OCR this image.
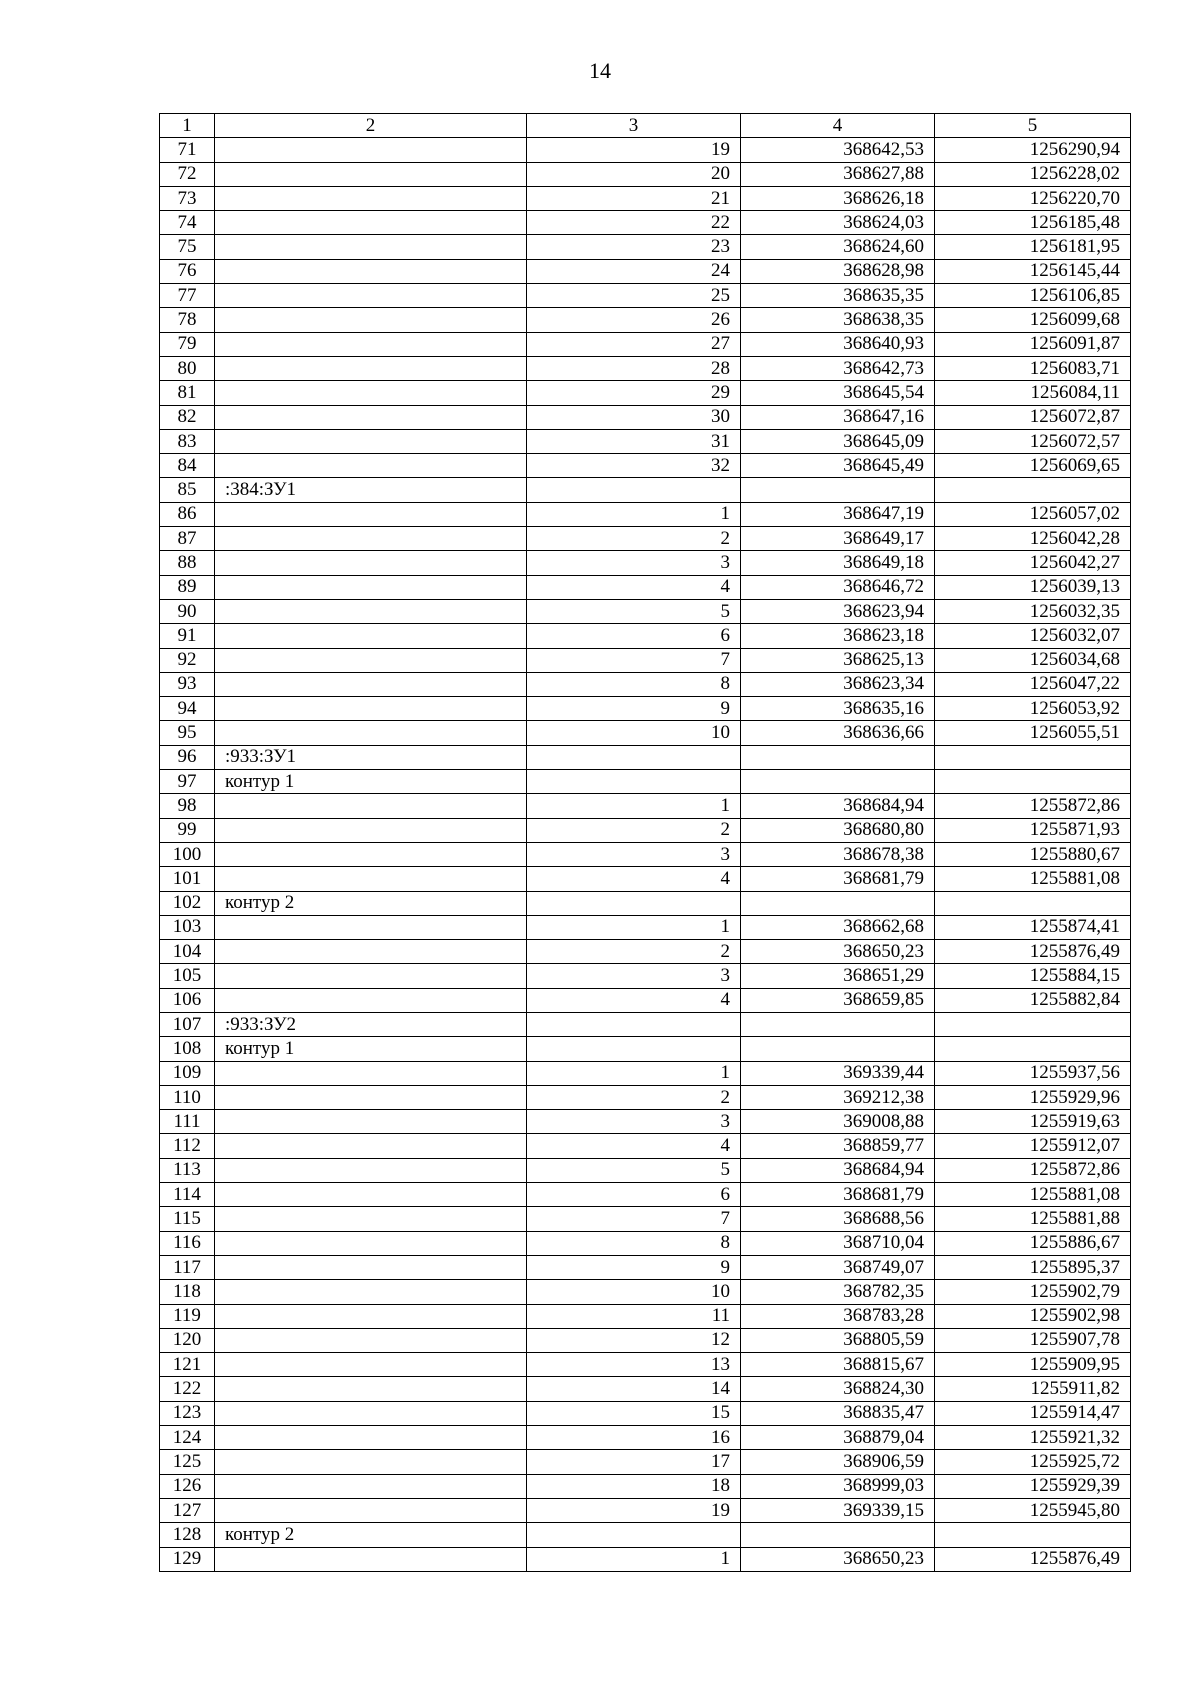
14
1	2	3	4	5
71		19	368642,53	1256290,94
72		20	368627,88	1256228,02
73		21	368626,18	1256220,70
74		22	368624,03	1256185,48
75		23	368624,60	1256181,95
76		24	368628,98	1256145,44
77		25	368635,35	1256106,85
78		26	368638,35	1256099,68
79		27	368640,93	1256091,87
80		28	368642,73	1256083,71
81		29	368645,54	1256084,11
82		30	368647,16	1256072,87
83		31	368645,09	1256072,57
84		32	368645,49	1256069,65
85	:384:ЗУ1			
86		1	368647,19	1256057,02
87		2	368649,17	1256042,28
88		3	368649,18	1256042,27
89		4	368646,72	1256039,13
90		5	368623,94	1256032,35
91		6	368623,18	1256032,07
92		7	368625,13	1256034,68
93		8	368623,34	1256047,22
94		9	368635,16	1256053,92
95		10	368636,66	1256055,51
96	:933:ЗУ1			
97	контур 1			
98		1	368684,94	1255872,86
99		2	368680,80	1255871,93
100		3	368678,38	1255880,67
101		4	368681,79	1255881,08
102	контур 2			
103		1	368662,68	1255874,41
104		2	368650,23	1255876,49
105		3	368651,29	1255884,15
106		4	368659,85	1255882,84
107	:933:ЗУ2			
108	контур 1			
109		1	369339,44	1255937,56
110		2	369212,38	1255929,96
111		3	369008,88	1255919,63
112		4	368859,77	1255912,07
113		5	368684,94	1255872,86
114		6	368681,79	1255881,08
115		7	368688,56	1255881,88
116		8	368710,04	1255886,67
117		9	368749,07	1255895,37
118		10	368782,35	1255902,79
119		11	368783,28	1255902,98
120		12	368805,59	1255907,78
121		13	368815,67	1255909,95
122		14	368824,30	1255911,82
123		15	368835,47	1255914,47
124		16	368879,04	1255921,32
125		17	368906,59	1255925,72
126		18	368999,03	1255929,39
127		19	369339,15	1255945,80
128	контур 2			
129		1	368650,23	1255876,49
